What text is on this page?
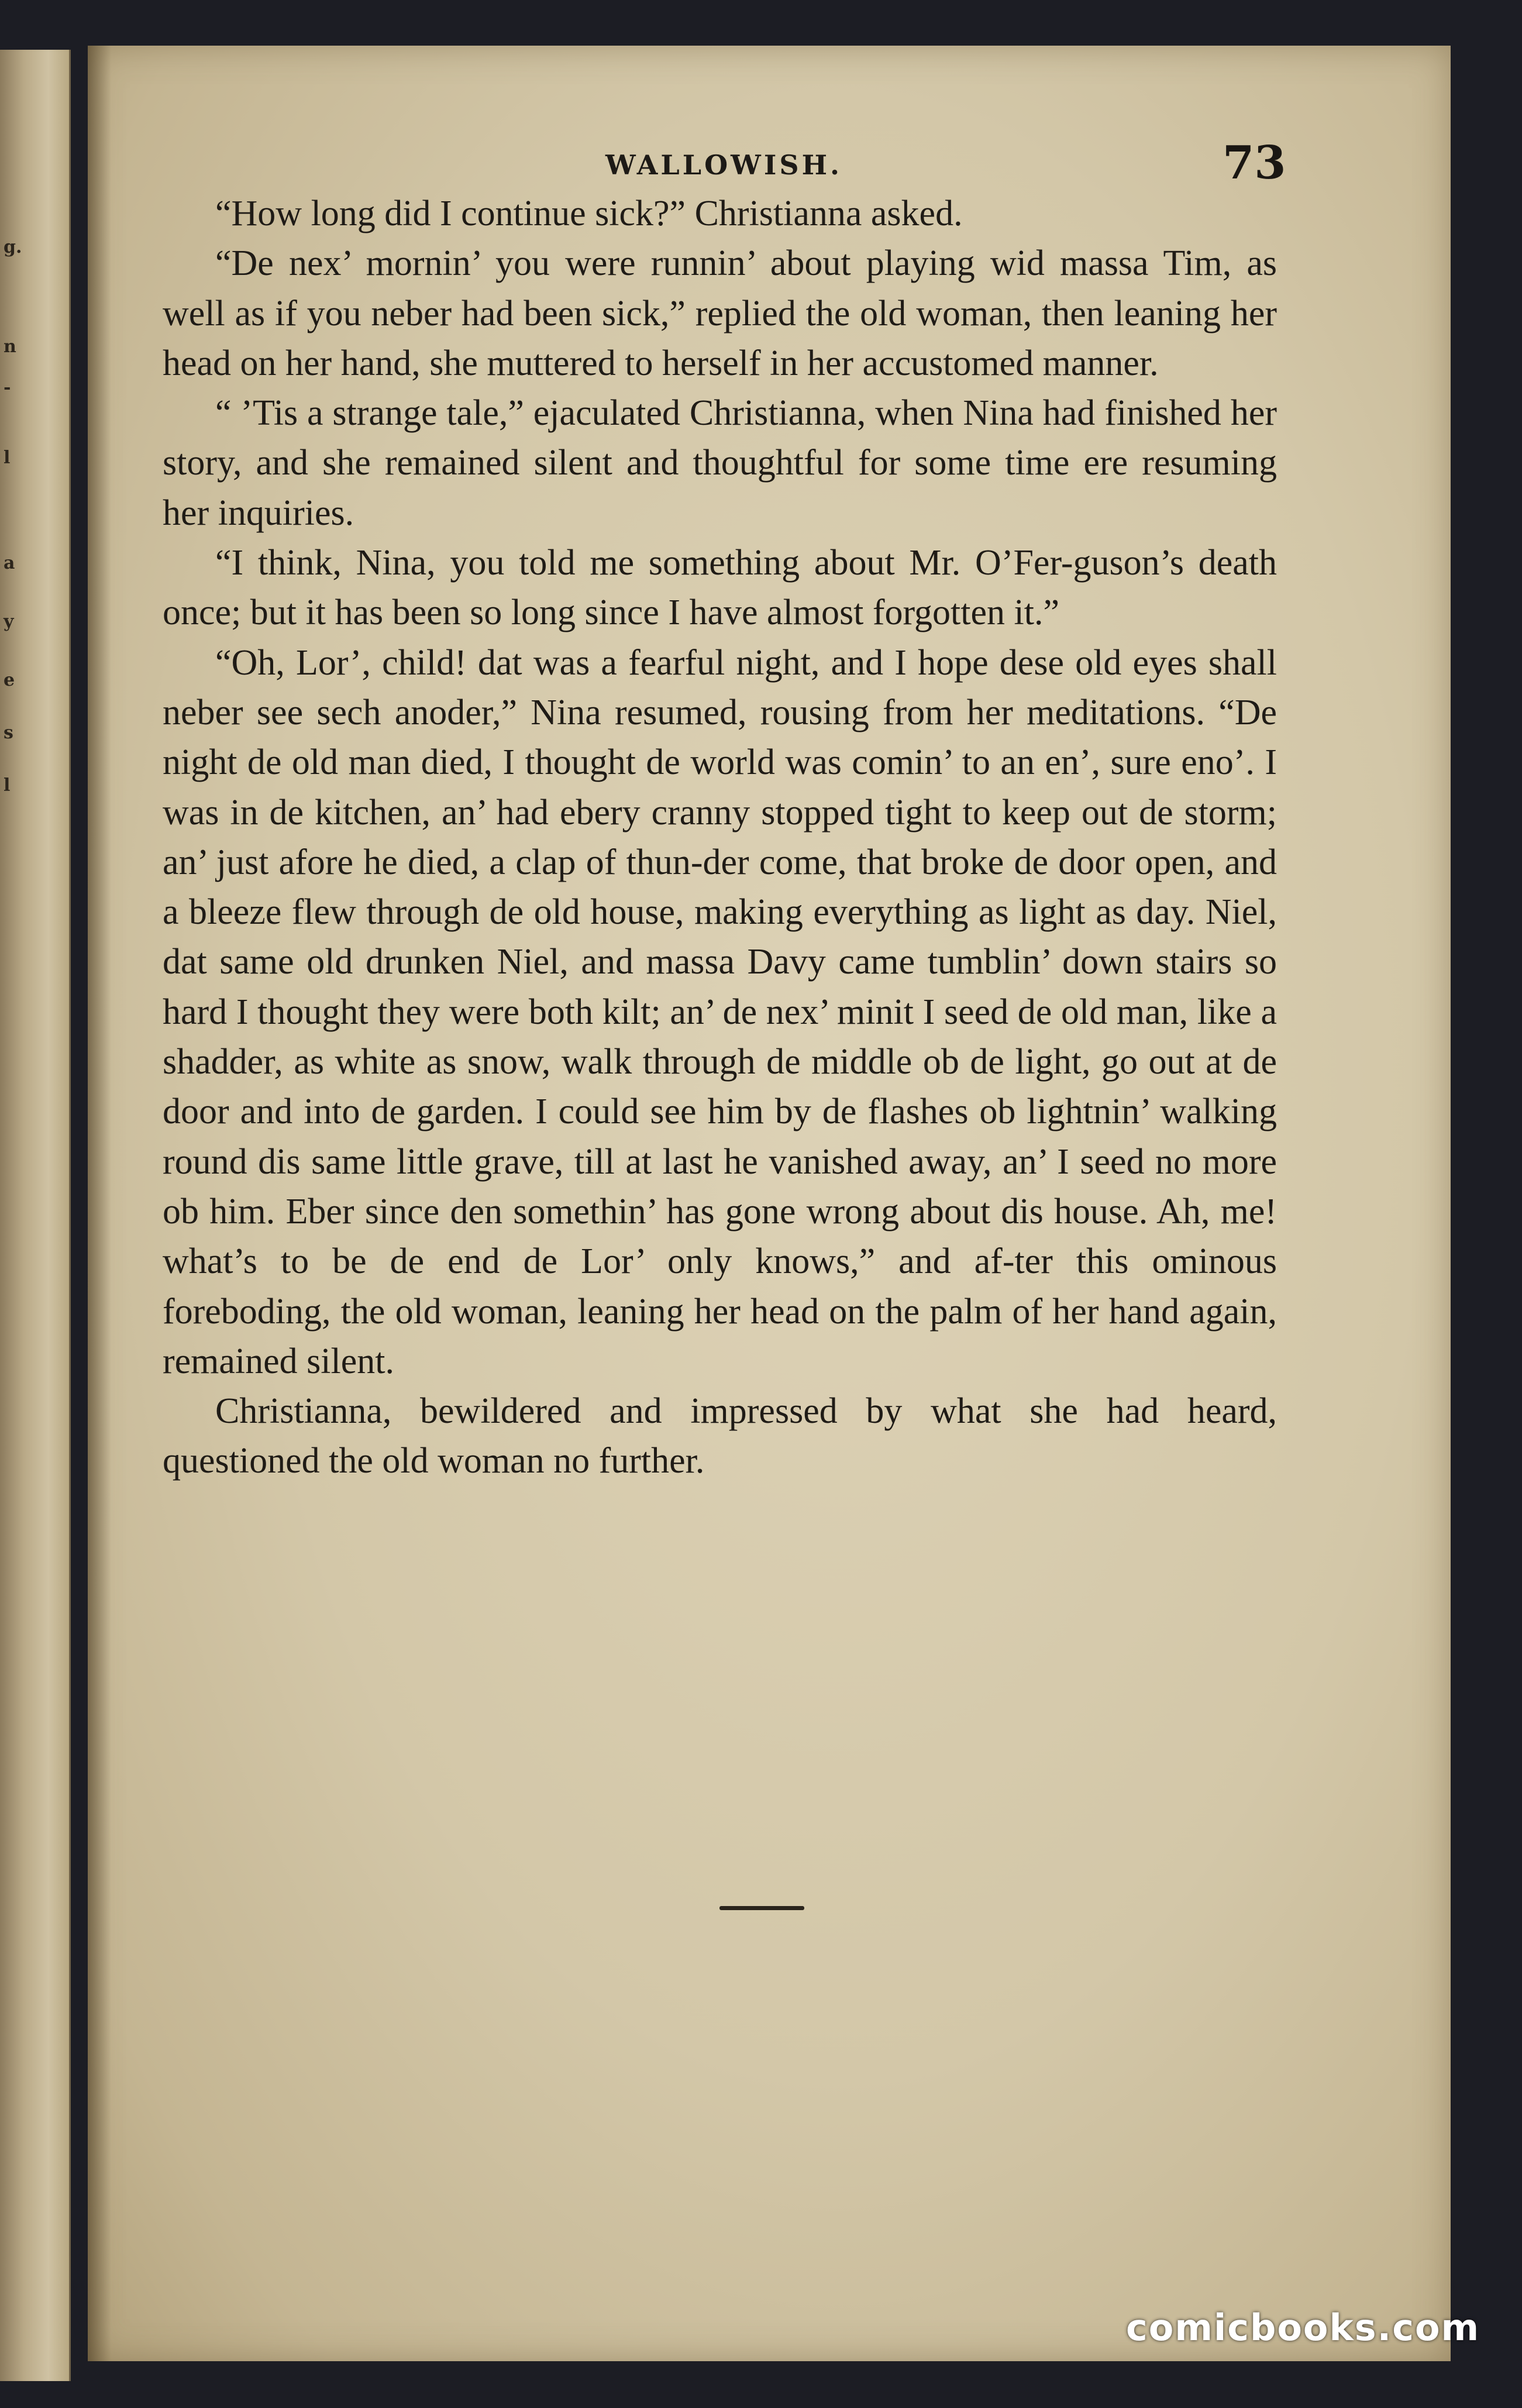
g.
n
-
l
a
y
e
s
l
WALLOWISH.	73

“How long did I continue sick?” Christianna asked.

“De nex’ mornin’ you were runnin’ about playing wid massa Tim, as well as if you neber had been sick,” replied the old woman, then leaning her head on her hand, she muttered to herself in her accustomed manner.

“ ’Tis a strange tale,” ejaculated Christianna, when Nina had finished her story, and she remained silent and thoughtful for some time ere resuming her inquiries.

“I think, Nina, you told me something about Mr. O’Fer-guson’s death once; but it has been so long since I have almost forgotten it.”

“Oh, Lor’, child! dat was a fearful night, and I hope dese old eyes shall neber see sech anoder,” Nina resumed, rousing from her meditations. “De night de old man died, I thought de world was comin’ to an en’, sure eno’. I was in de kitchen, an’ had ebery cranny stopped tight to keep out de storm; an’ just afore he died, a clap of thun-der come, that broke de door open, and a bleeze flew through de old house, making everything as light as day. Niel, dat same old drunken Niel, and massa Davy came tumblin’ down stairs so hard I thought they were both kilt; an’ de nex’ minit I seed de old man, like a shadder, as white as snow, walk through de middle ob de light, go out at de door and into de garden. I could see him by de flashes ob lightnin’ walking round dis same little grave, till at last he vanished away, an’ I seed no more ob him. Eber since den somethin’ has gone wrong about dis house. Ah, me! what’s to be de end de Lor’ only knows,” and af-ter this ominous foreboding, the old woman, leaning her head on the palm of her hand again, remained silent.

Christianna, bewildered and impressed by what she had heard, questioned the old woman no further.

comicbooks.com
